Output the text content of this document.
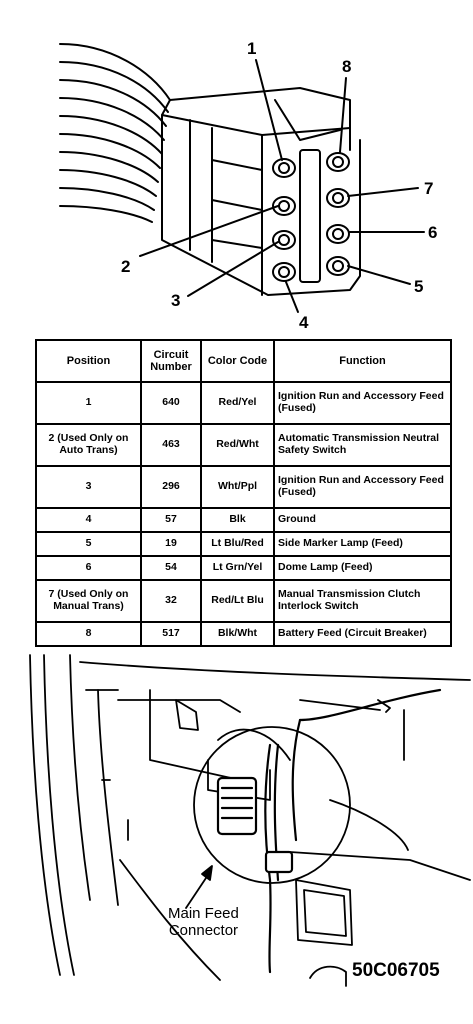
1
8
7
2
6
3
5
4
Position	Circuit Number	Color Code	Function
1	640	Red/Yel	Ignition Run and Accessory Feed (Fused)
2 (Used Only on Auto Trans)	463	Red/Wht	Automatic Transmission Neutral Safety Switch
3	296	Wht/Ppl	Ignition Run and Accessory Feed (Fused)
4	57	Blk	Ground
5	19	Lt Blu/Red	Side Marker Lamp (Feed)
6	54	Lt Grn/Yel	Dome Lamp (Feed)
7 (Used Only on Manual Trans)	32	Red/Lt Blu	Manual Transmission Clutch Interlock Switch
8	517	Blk/Wht	Battery Feed (Circuit Breaker)
Main Feed
Connector
50C06705
